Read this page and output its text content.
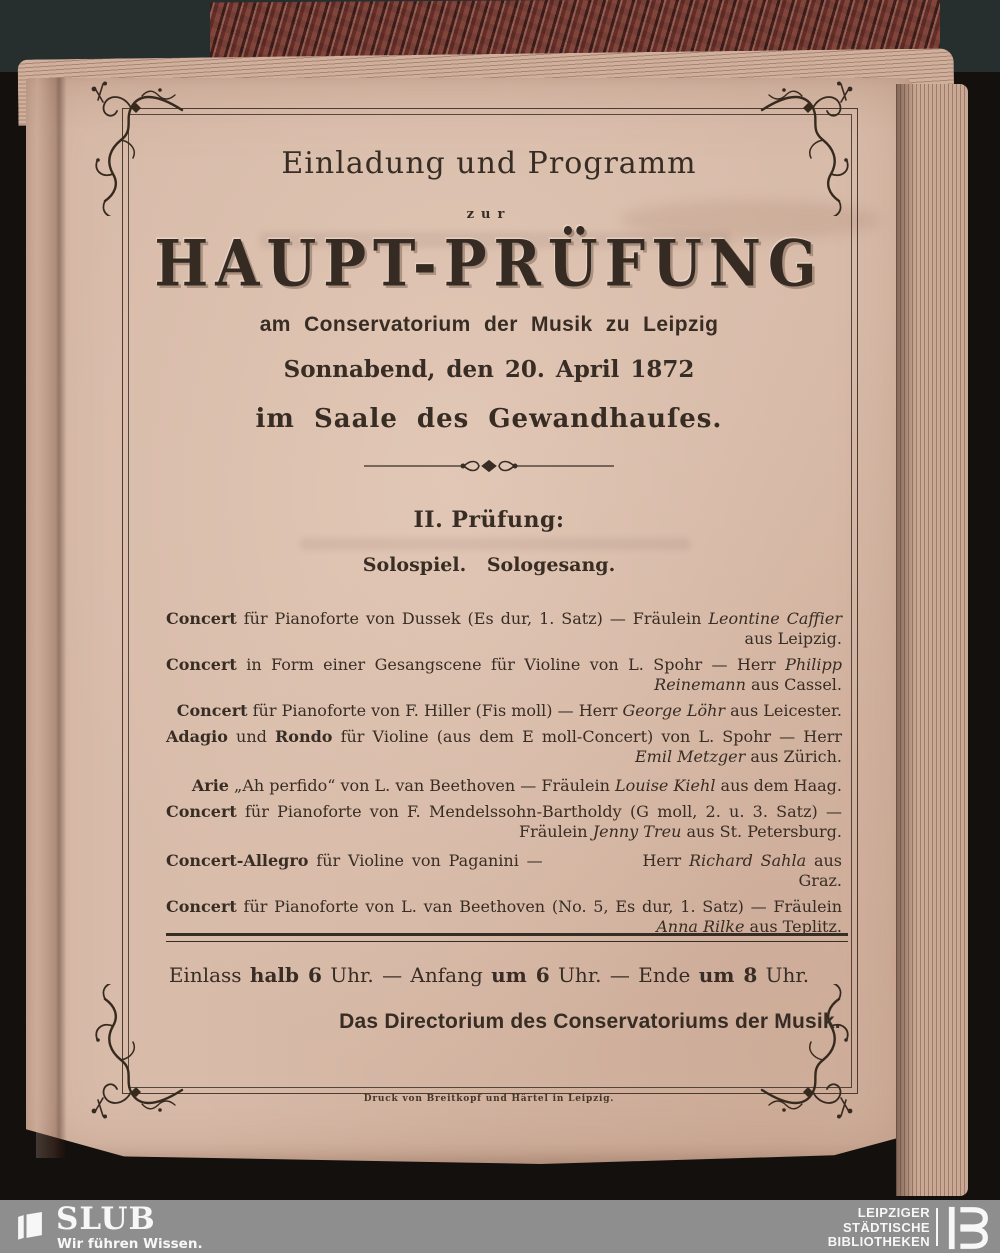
Einladung und Programm
zur
HAUPT-PRÜFUNG
am Conservatorium der Musik zu Leipzig
Sonnabend, den 20. April 1872
im Saale des Gewandhauſes.
II. Prüfung:
Solospiel. Sologesang.

Concert für Pianoforte von Dussek (Es dur, 1. Satz) — Fräulein Leontine Caffier aus Leipzig.

Concert in Form einer Gesangscene für Violine von L. Spohr — Herr Philipp Reinemann aus Cassel.

Concert für Pianoforte von F. Hiller (Fis moll) — Herr George Löhr aus Leicester.

Adagio und Rondo für Violine (aus dem E moll-Concert) von L. Spohr — Herr Emil Metzger aus Zürich.

Arie „Ah perfido“ von L. van Beethoven — Fräulein Louise Kiehl aus dem Haag.

Concert für Pianoforte von F. Mendelssohn-Bartholdy (G moll, 2. u. 3. Satz) — Fräulein Jenny Treu aus St. Petersburg.

Concert-Allegro für Violine von Paganini —	Herr Richard Sahla aus Graz.

Concert für Pianoforte von L. van Beethoven (No. 5, Es dur, 1. Satz) — Fräulein Anna Rilke aus Teplitz.

Einlass halb 6 Uhr. — Anfang um 6 Uhr. — Ende um 8 Uhr.
Das Directorium des Conservatoriums der Musik.
Druck von Breitkopf und Härtel in Leipzig.
SLUB
Wir führen Wissen.
LEIPZIGER
STÄDTISCHE
BIBLIOTHEKEN
